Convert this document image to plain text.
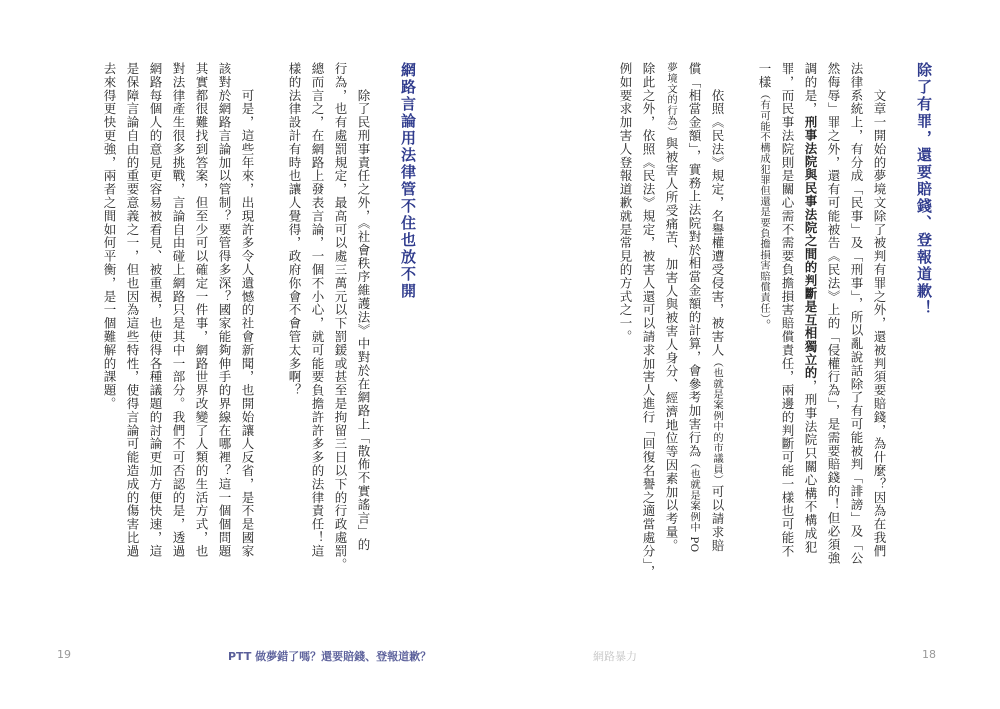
除了有罪，還要賠錢、登報道歉！
　　文章一開始的夢境文除了被判有罪之外，還被判須要賠錢，為什麼？因為在我們
法律系統上，有分成「民事」及「刑事」，所以亂說話除了有可能被判「誹謗」及「公
然侮辱」罪之外，還有可能被告《民法》上的「侵權行為」，是需要賠錢的！但必須強
調的是，刑事法院與民事法院之間的判斷是互相獨立的，刑事法院只關心構不構成犯
罪，而民事法院則是關心需不需要負擔損害賠償責任，兩邊的判斷可能一樣也可能不
一樣（有可能不構成犯罪但還是要負擔損害賠償責任）。
　　依照《民法》規定，名譽權遭受侵害，被害人（也就是案例中的市議員）可以請求賠
償「相當金額」，實務上法院對於相當金額的計算，會參考加害行為（也就是案例中 PO
夢境文的行為）與被害人所受痛苦、加害人與被害人身分、經濟地位等因素加以考量。
除此之外，依照《民法》規定，被害人還可以請求加害人進行「回復名譽之適當處分」，
例如要求加害人登報道歉就是常見的方式之一。
網路言論用法律管不住也放不開
　　除了民刑事責任之外，《社會秩序維護法》中對於在網路上「散佈不實謠言」的
行為，也有處罰規定，最高可以處三萬元以下罰鍰或甚至是拘留三日以下的行政處罰。
總而言之，在網路上發表言論，一個不小心，就可能要負擔許許多多的法律責任！這
樣的法律設計有時也讓人覺得，政府你會不會管太多啊？
　　可是，這些年來，出現許多令人遺憾的社會新聞，也開始讓人反省，是不是國家
該對於網路言論加以管制？要管得多深？國家能夠伸手的界線在哪裡？這一個個問題
其實都很難找到答案，但至少可以確定一件事，網路世界改變了人類的生活方式，也
對法律產生很多挑戰，言論自由碰上網路只是其中一部分。我們不可否認的是，透過
網路每個人的意見更容易被看見、被重視，也使得各種議題的討論更加方便快速，這
是保障言論自由的重要意義之一，但也因為這些特性，使得言論可能造成的傷害比過
去來得更快更強，兩者之間如何平衡，是一個難解的課題。
19	PTT 做夢錯了嗎？還要賠錢、登報道歉？	網路暴力	18
